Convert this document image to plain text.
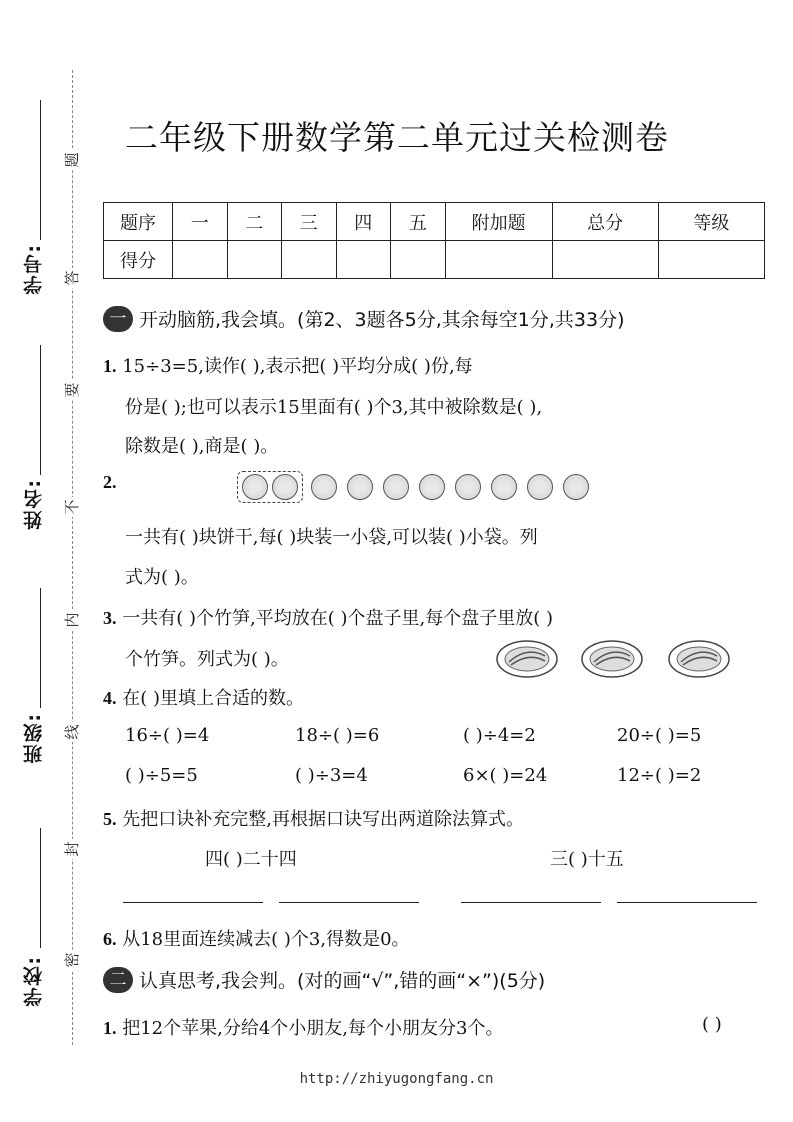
学号:
姓名:
班级:
学校:
题
答
要
不
内
线
封
密
二年级下册数学第二单元过关检测卷
题序	一	二	三	四	五	附加题	总分	等级
得分								
一 开动脑筋,我会填。(第2、3题各5分,其余每空1分,共33分)
1. 15÷3=5,读作( ),表示把( )平均分成( )份,每
份是( );也可以表示15里面有( )个3,其中被除数是( ),
除数是( ),商是( )。
2.
一共有( )块饼干,每( )块装一小袋,可以装( )小袋。列
式为( )。
3. 一共有( )个竹笋,平均放在( )个盘子里,每个盘子里放( )
个竹笋。列式为( )。
4. 在( )里填上合适的数。
16÷( )=4	18÷( )=6	( )÷4=2	20÷( )=5
( )÷5=5	( )÷3=4	6×( )=24	12÷( )=2
5. 先把口诀补充完整,再根据口诀写出两道除法算式。
四( )二十四	三( )十五
6. 从18里面连续减去( )个3,得数是0。
二 认真思考,我会判。(对的画“√”,错的画“×”)(5分)
1. 把12个苹果,分给4个小朋友,每个小朋友分3个。	( )
http://zhiyugongfang.cn
